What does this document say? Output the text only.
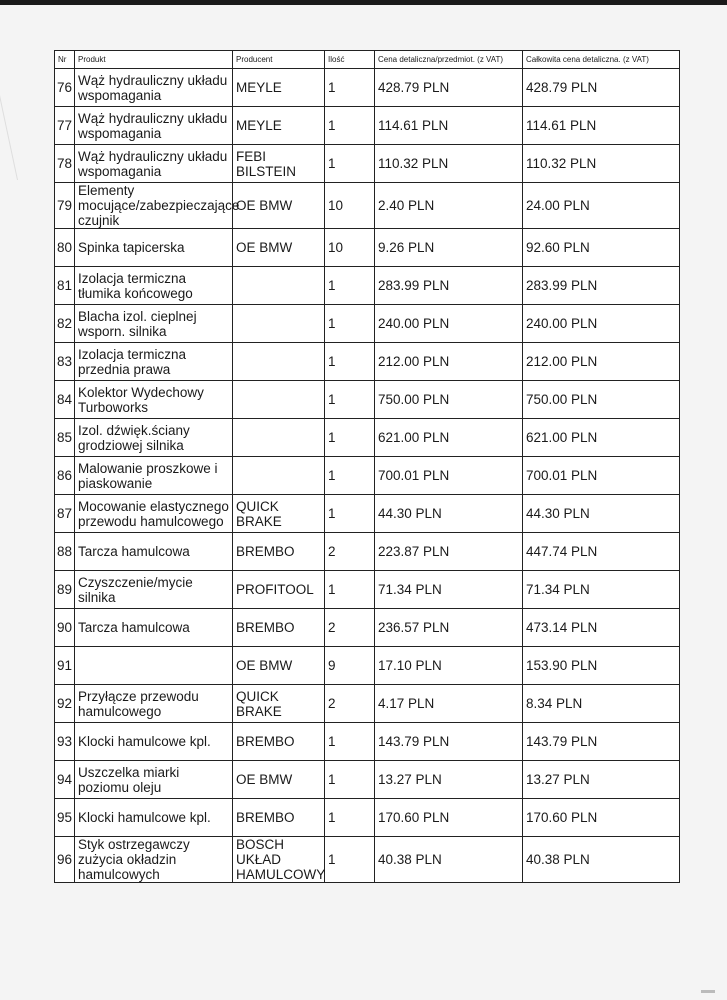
Nr	Produkt	Producent	Ilość	Cena detaliczna/przedmiot. (z VAT)	Całkowita cena detaliczna. (z VAT)
76	Wąż hydrauliczny układu wspomagania	MEYLE	1	428.79 PLN	428.79 PLN
77	Wąż hydrauliczny układu wspomagania	MEYLE	1	114.61 PLN	114.61 PLN
78	Wąż hydrauliczny układu wspomagania	FEBI BILSTEIN	1	110.32 PLN	110.32 PLN
79	Elementy mocujące/zabezpieczające czujnik	OE BMW	10	2.40 PLN	24.00 PLN
80	Spinka tapicerska	OE BMW	10	9.26 PLN	92.60 PLN
81	Izolacja termiczna tłumika końcowego		1	283.99 PLN	283.99 PLN
82	Blacha izol. cieplnej wsporn. silnika		1	240.00 PLN	240.00 PLN
83	Izolacja termiczna przednia prawa		1	212.00 PLN	212.00 PLN
84	Kolektor Wydechowy Turboworks		1	750.00 PLN	750.00 PLN
85	Izol. dźwięk.ściany grodziowej silnika		1	621.00 PLN	621.00 PLN
86	Malowanie proszkowe i piaskowanie		1	700.01 PLN	700.01 PLN
87	Mocowanie elastycznego przewodu hamulcowego	QUICK BRAKE	1	44.30 PLN	44.30 PLN
88	Tarcza hamulcowa	BREMBO	2	223.87 PLN	447.74 PLN
89	Czyszczenie/mycie silnika	PROFITOOL	1	71.34 PLN	71.34 PLN
90	Tarcza hamulcowa	BREMBO	2	236.57 PLN	473.14 PLN
91		OE BMW	9	17.10 PLN	153.90 PLN
92	Przyłącze przewodu hamulcowego	QUICK BRAKE	2	4.17 PLN	8.34 PLN
93	Klocki hamulcowe kpl.	BREMBO	1	143.79 PLN	143.79 PLN
94	Uszczelka miarki poziomu oleju	OE BMW	1	13.27 PLN	13.27 PLN
95	Klocki hamulcowe kpl.	BREMBO	1	170.60 PLN	170.60 PLN
96	Styk ostrzegawczy zużycia okładzin hamulcowych	BOSCH UKŁAD HAMULCOWY	1	40.38 PLN	40.38 PLN
